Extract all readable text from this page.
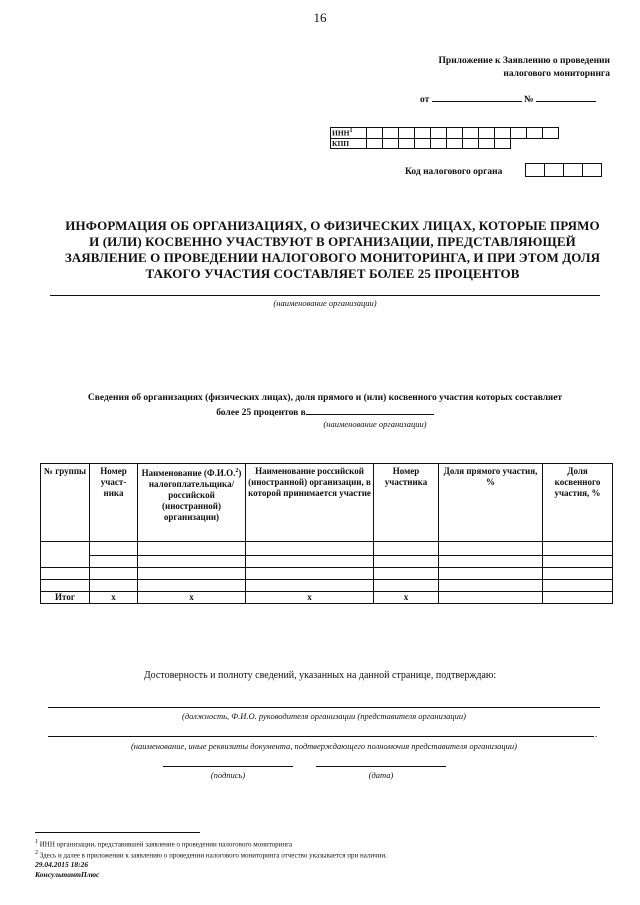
16
Приложение к Заявлению о проведении
налогового мониторинга
от	№
ИНН$^1$												
КПП												
Код налогового органа

ИНФОРМАЦИЯ ОБ ОРГАНИЗАЦИЯХ, О ФИЗИЧЕСКИХ ЛИЦАХ, КОТОРЫЕ ПРЯМО И (ИЛИ) КОСВЕННО УЧАСТВУЮТ В ОРГАНИЗАЦИИ, ПРЕДСТАВЛЯЮЩЕЙ ЗАЯВЛЕНИЕ О ПРОВЕДЕНИИ НАЛОГОВОГО МОНИТОРИНГА, И ПРИ ЭТОМ ДОЛЯ ТАКОГО УЧАСТИЯ СОСТАВЛЯЕТ БОЛЕЕ 25 ПРОЦЕНТОВ
(наименование организации)
Сведения об организациях (физических лицах), доля прямого и (или) косвенного участия которых составляет
более 25 процентов в
(наименование организации)
№ группы	Номер участ-ника	Наименование (Ф.И.О.$^2$) налогоплательщика/ российской (иностранной) организации)	Наименование российской (иностранной) организации, в которой принимается участие	Номер участника	Доля прямого участия, %	Доля косвенного участия, %

Итог	х	х	х	х		
Достоверность и полноту сведений, указанных на данной странице, подтверждаю:
(должность, Ф.И.О. руководителя организации (представителя организации)
.
(наименование, иные реквизиты документа, подтверждающего полномочия представителя организации)
(подпись)	(дата)
$^1$ ИНН организации, представившей заявление о проведении налогового мониторинга
$^2$ Здесь и далее в приложении к заявлению о проведении налогового мониторинга отчество указывается при наличии.
29.04.2015 18:26
КонсультантПлюс
